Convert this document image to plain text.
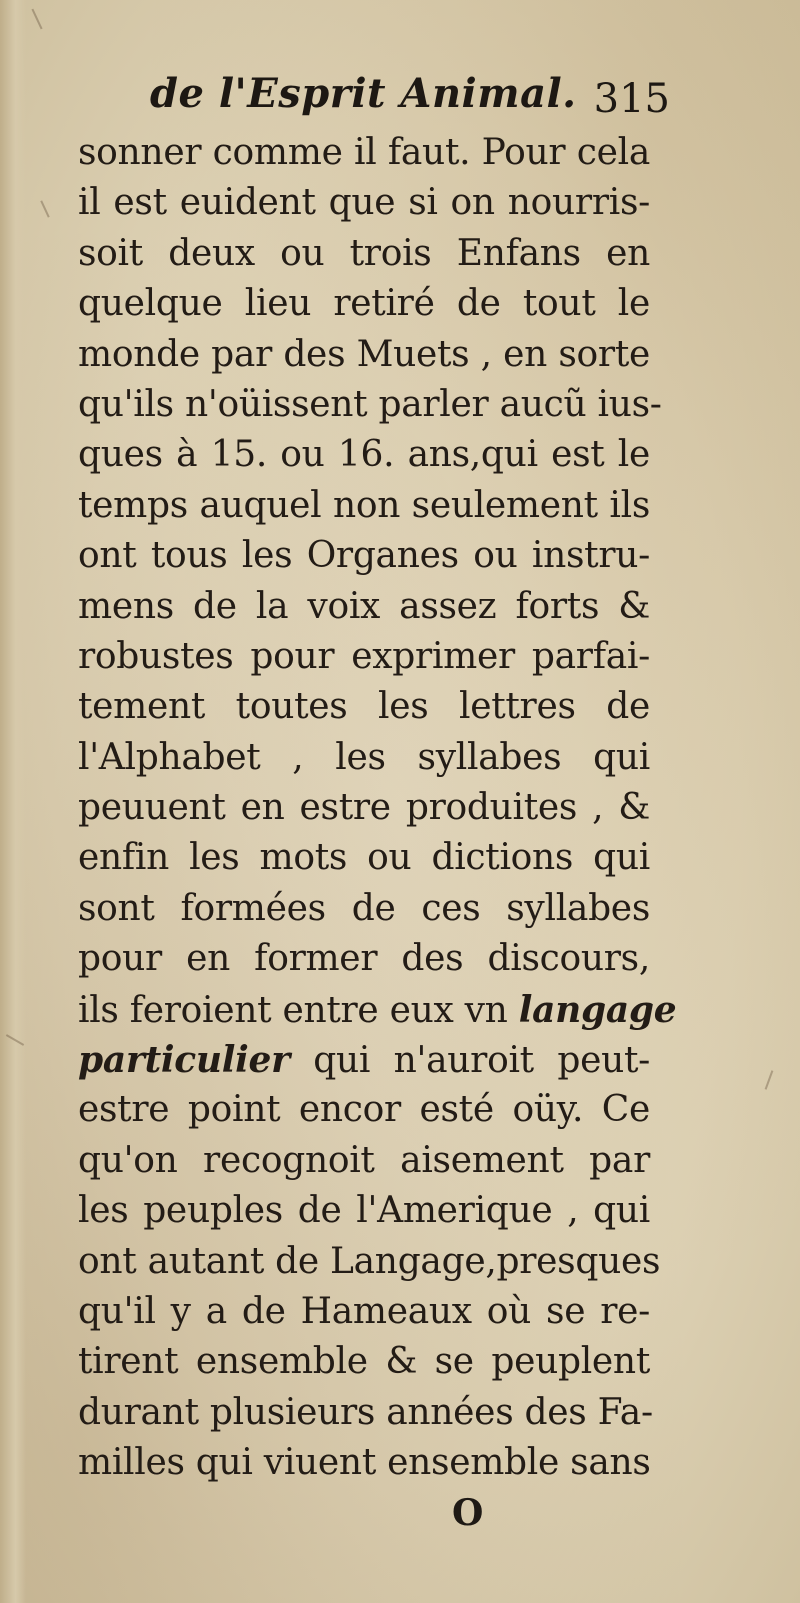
de l'Esprit Animal. 315
sonner comme il faut. Pour cela
il est euident que si on nourris-
soit deux ou trois Enfans en
quelque lieu retiré de tout le
monde par des Muets , en sorte
qu'ils n'oüissent parler aucũ ius-
ques à 15. ou 16. ans,qui est le
temps auquel non seulement ils
ont tous les Organes ou instru-
mens de la voix assez forts &
robustes pour exprimer parfai-
tement toutes les lettres de
l'Alphabet , les syllabes qui
peuuent en estre produites , &
enfin les mots ou dictions qui
sont formées de ces syllabes
pour en former des discours,
ils feroient entre eux vn langage
particulier qui n'auroit peut-
estre point encor esté oüy. Ce
qu'on recognoit aisement par
les peuples de l'Amerique , qui
ont autant de Langage,presques
qu'il y a de Hameaux où se re-
tirent ensemble & se peuplent
durant plusieurs années des Fa-
milles qui viuent ensemble sans
O
